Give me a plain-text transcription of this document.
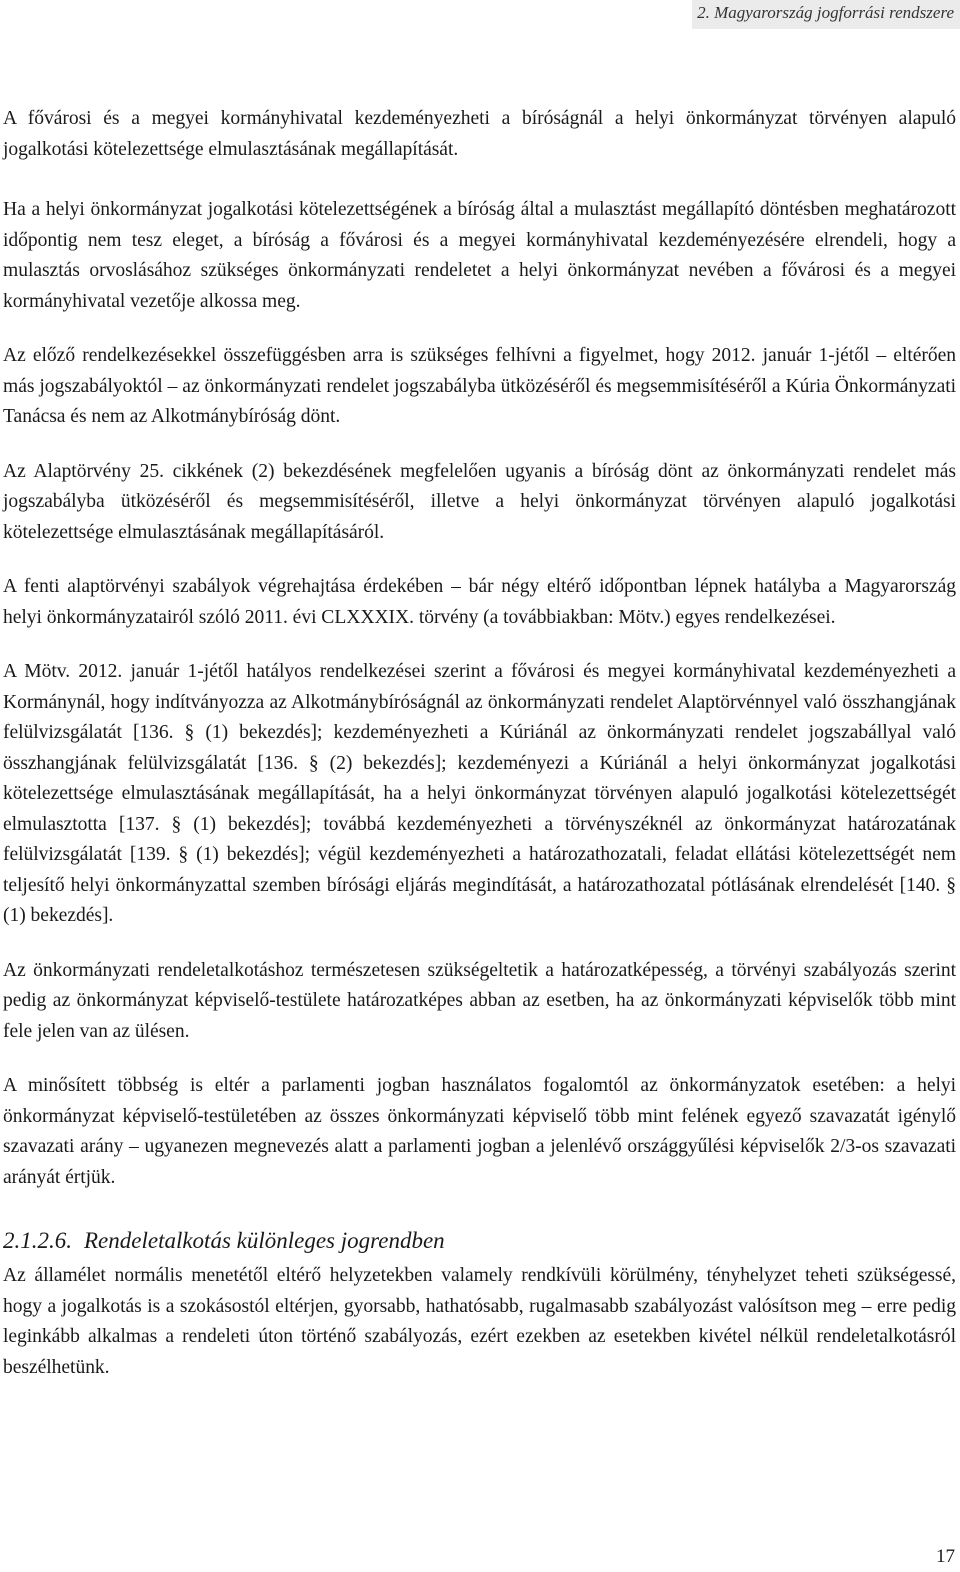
2. Magyarország jogforrási rendszere

A fővárosi és a megyei kormányhivatal kezdeményezheti a bíróságnál a helyi önkormányzat törvényen alapuló jogalkotási kötelezettsége elmulasztásának megállapítását.

Ha a helyi önkormányzat jogalkotási kötelezettségének a bíróság által a mulasztást megállapító döntésben meghatározott időpontig nem tesz eleget, a bíróság a fővárosi és a megyei kormányhivatal kezdeményezésére elrendeli, hogy a mulasztás orvoslásához szükséges önkormányzati rendeletet a helyi önkormányzat nevében a fővárosi és a megyei kormányhivatal vezetője alkossa meg.

Az előző rendelkezésekkel összefüggésben arra is szükséges felhívni a figyelmet, hogy 2012. január 1-jétől – eltérően más jogszabályoktól – az önkormányzati rendelet jogszabályba ütközéséről és megsemmisítéséről a Kúria Önkormányzati Tanácsa és nem az Alkotmánybíróság dönt.

Az Alaptörvény 25. cikkének (2) bekezdésének megfelelően ugyanis a bíróság dönt az önkormányzati rendelet más jogszabályba ütközéséről és megsemmisítéséről, illetve a helyi önkormányzat törvényen alapuló jogalkotási kötelezettsége elmulasztásának megállapításáról.

A fenti alaptörvényi szabályok végrehajtása érdekében – bár négy eltérő időpontban lépnek hatályba a Magyarország helyi önkormányzatairól szóló 2011. évi CLXXXIX. törvény (a továbbiakban: Mötv.) egyes rendelkezései.

A Mötv. 2012. január 1-jétől hatályos rendelkezései szerint a fővárosi és megyei kormányhivatal kezdeményezheti a Kormánynál, hogy indítványozza az Alkotmánybíróságnál az önkormányzati rendelet Alaptörvénnyel való összhangjának felülvizsgálatát [136. § (1) bekezdés]; kezdeményezheti a Kúriánál az önkormányzati rendelet jogszabállyal való összhangjának felülvizsgálatát [136. § (2) bekezdés]; kezdeményezi a Kúriánál a helyi önkormányzat jogalkotási kötelezettsége elmulasztásának megállapítását, ha a helyi önkormányzat törvényen alapuló jogalkotási kötelezettségét elmulasztotta [137. § (1) bekezdés]; továbbá kezdeményezheti a törvényszéknél az önkormányzat határozatának felülvizsgálatát [139. § (1) bekezdés]; végül kezdeményezheti a határozathozatali, feladat ellátási kötelezettségét nem teljesítő helyi önkormányzattal szemben bírósági eljárás megindítását, a határozathozatal pótlásának elrendelését [140. § (1) bekezdés].

Az önkormányzati rendeletalkotáshoz természetesen szükségeltetik a határozatképesség, a törvényi szabályozás szerint pedig az önkormányzat képviselő-testülete határozatképes abban az esetben, ha az önkormányzati képviselők több mint fele jelen van az ülésen.

A minősített többség is eltér a parlamenti jogban használatos fogalomtól az önkormányzatok esetében: a helyi önkormányzat képviselő-testületében az összes önkormányzati képviselő több mint felének egyező szavazatát igénylő szavazati arány – ugyanezen megnevezés alatt a parlamenti jogban a jelenlévő országgyűlési képviselők 2/3-os szavazati arányát értjük.

2.1.2.6. Rendeletalkotás különleges jogrendben

Az államélet normális menetétől eltérő helyzetekben valamely rendkívüli körülmény, tényhelyzet teheti szükségessé, hogy a jogalkotás is a szokásostól eltérjen, gyorsabb, hathatósabb, rugalmasabb szabályozást valósítson meg – erre pedig leginkább alkalmas a rendeleti úton történő szabályozás, ezért ezekben az esetekben kivétel nélkül rendeletalkotásról beszélhetünk.

17
